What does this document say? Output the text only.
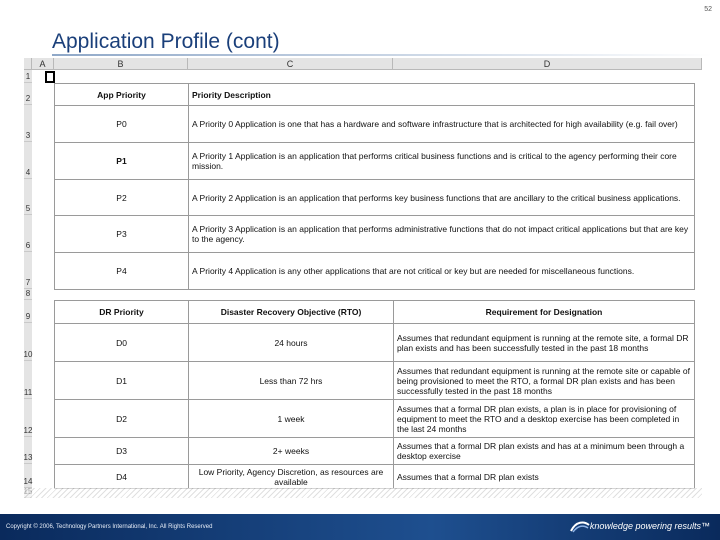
52
Application Profile (cont)
A	B	C	D
1
2
3
4
5
6
7
8
9
10
11
12
13
14
App Priority	Priority Description
P0	A Priority 0 Application is one that has a hardware and software infrastructure that is architected for high availability (e.g. fail over)
P1	A Priority 1 Application is an application that performs critical business functions and is critical to the agency performing their core mission.
P2	A Priority 2 Application is an application that performs key business functions that are ancillary to the critical business applications.
P3	A Priority 3 Application is an application that performs administrative functions that do not impact critical applications but that are key to the agency.
P4	A Priority 4 Application is any other applications that are not critical or key but are needed for miscellaneous functions.
DR Priority	Disaster Recovery Objective (RTO)	Requirement for Designation
D0	24 hours	Assumes that redundant equipment is running at the remote site, a formal DR plan exists and has been successfully tested in the past 18 months
D1	Less than 72 hrs	Assumes that redundant equipment is running at the remote site or capable of being provisioned to meet the RTO, a formal DR plan exists and has been successfully tested in the past 18 months
D2	1 week	Assumes that a formal DR plan exists, a plan is in place for provisioning of equipment to meet the RTO and a desktop exercise has been completed in the last 24 months
D3	2+ weeks	Assumes that a formal DR plan exists and has at a minimum been through a desktop exercise
D4	Low Priority, Agency Discretion, as resources are available	Assumes that a formal DR plan exists
Copyright © 2006, Technology Partners International, Inc. All Rights Reserved	knowledge powering results™
